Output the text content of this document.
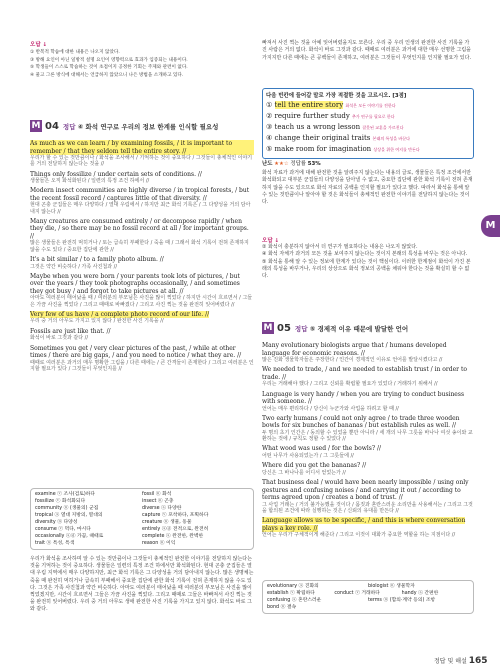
오답 ↓
① 반복적 학습에 대한 내용은 나오지 않았다.
③ 방해 요인이 아닌 일방적 설명 요인이 영향력으로 효과가 입증되는 내용이다.
⑤ 학생들이 스스로 학습하는 것이 초점이지 공정한 기회는 주제와 관련이 없다.
④ 물고 그른 방식에 대해서는 언급하지 않았으니 나은 방법을 소개하고 있다.
M 04 정답 ④ 화석 연구로 우리의 정보 한계를 인식할 필요성
As much as we can learn / by examining fossils, / it is important to remember / that they seldom tell the entire story. //
우리가 할 수 있는 것만큼이나 / 화석을 조사해서 / 기억하는 것이 중요하다 / 그것들이 총체적인 이야기를 거의 전달하지 않는다는 것을 //
Things only fossilize / under certain sets of conditions. //
생물들은 오직 화석화된다 / 일련의 특정 조건 하에서 //
Modern insect communities are highly diverse / in tropical forests, / but the recent fossil record / captures little of that diversity. //
현대 곤충 군집들은 매우 다양하다 / 열대 우림에서 / 하지만 최근 화석 기록은 / 그 다양성을 거의 담아내지 않는다 //
Many creatures are consumed entirely / or decompose rapidly / when they die, / so there may be no fossil record at all / for important groups. //
많은 생물들은 완전히 먹히거나 / 또는 급속히 부패한다 / 죽을 때 / 그래서 화석 기록이 전혀 존재하지 않을 수도 있다 / 중요한 집단에 관한 //
It's a bit similar / to a family photo album. //
그것은 약간 비슷하다 / 가족 사진첩과 //
Maybe when you were born / your parents took lots of pictures, / but over the years / they took photographs occasionally, / and sometimes they got busy / and forgot to take pictures at all. //
아마도 여러분이 태어났을 때 / 여러분의 부모님은 사진을 많이 찍었다 / 하지만 시간이 흐르면서 / 그들은 가끔 사진을 찍었다 / 그리고 때때로 바빠졌다 / 그리고 사진 찍는 것을 완전히 잊어버렸다 //
Very few of us have / a complete photo record of our life. //
우리 중 거의 아무도 가지고 있지 않다 / 완전한 사진 기록을 //
Fossils are just like that. //
화석이 바로 그것과 같다 //
Sometimes you get / very clear pictures of the past, / while at other times / there are big gaps, / and you need to notice / what they are. //
때때로 여러분은 과거의 매우 명확한 그림을 / 다른 때에는 / 큰 간격들이 존재한다 / 그리고 여러분은 인지할 필요가 있다 / 그것들이 무엇인지를 //
examine ⓥ 조사(검토)하다	fossil ⓝ 화석
fossilize ⓥ 화석화되다	insect ⓝ 곤충
community ⓝ (생물의) 군집	diverse ⓐ 다양한
tropical ⓐ 열대 지방의, 열대의	capture ⓥ 포착하다, 포획하다
diversity ⓝ 다양성	creature ⓝ 생물, 동물
consume ⓥ 먹다, 마시다	entirely ⓐⓓ 전적으로, 완전히
occasionally ⓐⓓ 가끔, 때때로	complete ⓐ 완전한, 완벽한
trait ⓝ 특성, 특색	reason ⓝ 이익
우리가 화석을 조사하며 알 수 있는 것만큼이나 그것들이 총체적인 완전한 이야기를 전달하지 않는다는 것을 기억하는 것이 중요하다. 생물들은 일련의 특정 조건 하에서만 화석화된다. 현대 곤충 군집들은 열대 우림 지역에서 매우 다양하지만, 최근 화석 기록은 그 다양성을 거의 담아내지 않는다. 많은 생명체는 죽을 때 완전히 먹히거나 급속히 부패해서 중요한 집단에 관한 화석 기록이 전혀 존재하지 않을 수도 있다. 그것은 가족 사진첩과 약간 비슷하다. 아마도 여러분이 태어났을 때 여러분의 부모님은 사진을 많이 찍었겠지만, 시간이 흐르면서 그들은 가끔 사진을 찍었다. 그리고 때때로 그들은 바빠져서 사진 찍는 것을 완전히 잊어버렸다. 우리 중 거의 아무도 생애 완전한 사진 기록을 가지고 있지 않다. 화석도 바로 그와 같다.
빠져서 사진 찍는 것을 아예 잊어버렸을지도 모른다. 우리 중 우리 인생의 완전한 사진 기록을 가진 사람은 거의 없다. 화석이 바로 그것과 같다. 때때로 여러분은 과거에 대한 매우 선명한 그림을 가지지만 다른 때에는 큰 공백들이 존재하고, 여러분은 그것들이 무엇인지를 인지할 필요가 있다.
다음 빈칸에 들어갈 말로 가장 적절한 것을 고르시오. [3점]
① tell the entire story 화석은 모든 이야기를 전한다
② require further study 추가 연구를 필요로 한다
③ teach us a wrong lesson 잘못된 교훈을 가르친다
④ change their original traits 본래의 특성을 바꾼다
⑤ make room for imagination 상상을 위한 여지를 만든다
난도 ★★☆ 정답률 53%
화석 자료가 과거에 대해 완전한 것을 알려주지 않는다는 내용의 글로, 생물들은 특정 조건에서만 화석화되고 대부분 군집들의 다양성을 담아낼 수 없고, 중요한 집단에 관한 화석 기록이 전혀 존재하지 않을 수도 있으므로 화석 자료의 공백을 인지할 필요가 있다고 했다. 따라서 화석을 통해 알 수 있는 것만큼이나 알아야 할 것은 화석들이 총체적인 완전한 이야기를 전달하지 않는다는 것이다.
오답 ↓
② 화석이 충분하지 않아서 더 연구가 필요하다는 내용은 나오지 않았다.
④ 화석 자체가 과거의 모든 것을 보여주지 않는다는 것이지 본래의 특성을 바꾸는 것은 아니다.
⑤ 화석을 통해 알 수 있는 정보에 한계가 있다는 것이 핵심이다. 이러한 한계점이 화석이 가진 본래의 특성을 바꾸거나, 우리의 상상으로 화석 정보의 공백을 채워야 한다는 것을 확실히 할 수 없다.
M 05 정답 ⑤ 경제적 이유 때문에 발달한 언어
Many evolutionary biologists argue that / humans developed language for economic reasons. //
많은 진화 생물학자들은 주장한다 / 인간이 경제적인 이유로 언어를 발달시켰다고 //
We needed to trade, / and we needed to establish trust / in order to trade. //
우리는 거래해야 했다 / 그리고 신뢰를 확립할 필요가 있었다 / 거래하기 위해서 //
Language is very handy / when you are trying to conduct business with someone. //
언어는 매우 편리하다 / 당신이 누군가와 사업을 하려고 할 때 //
Two early humans / could not only agree / to trade three wooden bowls for six bunches of bananas / but establish rules as well. //
두 명의 초기 인간은 / 동의할 수 있었을 뿐만 아니라 / 세 개의 나무 그릇을 바나나 여섯 송이와 교환하는 것에 / 규칙도 정할 수 있었다 //
What wood was used / for the bowls? //
어떤 나무가 사용되었는가 / 그 그릇들에 //
Where did you get the bananas? //
당신은 그 바나나를 어디서 얻었는가 //
That business deal / would have been nearly impossible / using only gestures and confusing noises / and carrying it out / according to terms agreed upon / creates a bond of trust. //
그 사업 거래는 / 거의 불가능했을 것이다 / 몸짓과 혼란스러운 소리만을 사용해서는 / 그리고 그것을 합의된 조건에 따라 실행하는 것은 / 신뢰의 유대를 만든다 //
Language allows us to be specific, / and this is where conversation plays a key role. //
언어는 우리가 구체적이게 해준다 / 그리고 이것이 대화가 중요한 역할을 하는 지점이다 //
evolutionary ⓐ 진화의	biologist ⓝ 생물학자
establish ⓥ 확립하다	conduct ⓥ 거래하다	handy ⓐ 간편한
confusing ⓐ 혼란스러운	terms ⓝ (합의·계약 등의) 조항
bond ⓝ 결속
M
정답 및 해설 165
